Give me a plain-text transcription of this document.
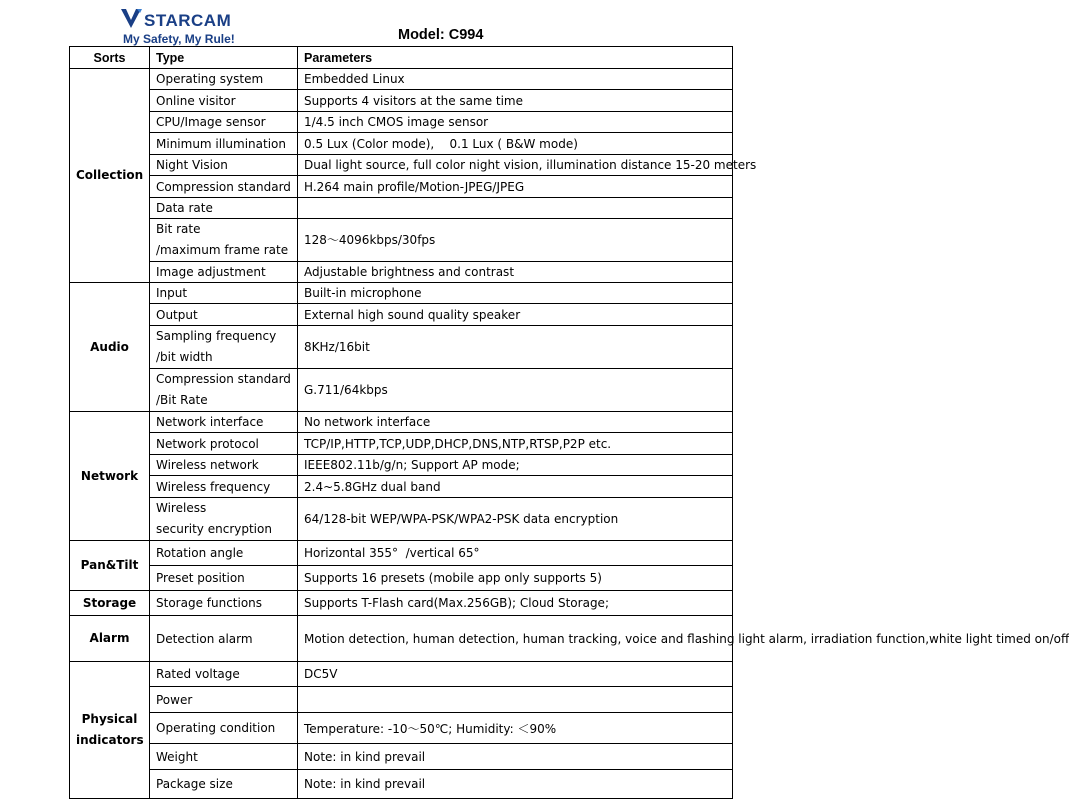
STARCAM
My Safety, My Rule!	Model: C994
Sorts	Type	Parameters
Collection	Operating system	Embedded Linux
	Online visitor	Supports 4 visitors at the same time
	CPU/Image sensor	1/4.5 inch CMOS image sensor
	Minimum illumination	0.5 Lux (Color mode),    0.1 Lux ( B&W mode)
	Night Vision	Dual light source, full color night vision, illumination distance 15-20 meters
	Compression standard	H.264 main profile/Motion-JPEG/JPEG
	Data rate	

	Bit rate
/maximum frame rate	128～4096kbps/30fps
	Image adjustment	Adjustable brightness and contrast
Audio	Input	Built-in microphone
	Output	External high sound quality speaker

	Sampling frequency
/bit width	8KHz/16bit

	Compression standard
/Bit Rate	G.711/64kbps
Network	Network interface	No network interface
	Network protocol	TCP/IP,HTTP,TCP,UDP,DHCP,DNS,NTP,RTSP,P2P etc.
	Wireless network	IEEE802.11b/g/n; Support AP mode;
	Wireless frequency	2.4~5.8GHz dual band

	Wireless
security encryption	64/128-bit WEP/WPA-PSK/WPA2-PSK data encryption
Pan&Tilt	Rotation angle	Horizontal 355°  /vertical 65°
	Preset position	Supports 16 presets (mobile app only supports 5)
Storage	Storage functions	Supports T-Flash card(Max.256GB); Cloud Storage;
Alarm	Detection alarm	Motion detection, human detection, human tracking, voice and flashing light alarm, irradiation function,white light timed on/off

Physical
indicators	Rated voltage	DC5V
	Power	
	Operating condition	Temperature: -10～50℃; Humidity: ＜90%
	Weight	Note: in kind prevail
	Package size	Note: in kind prevail
